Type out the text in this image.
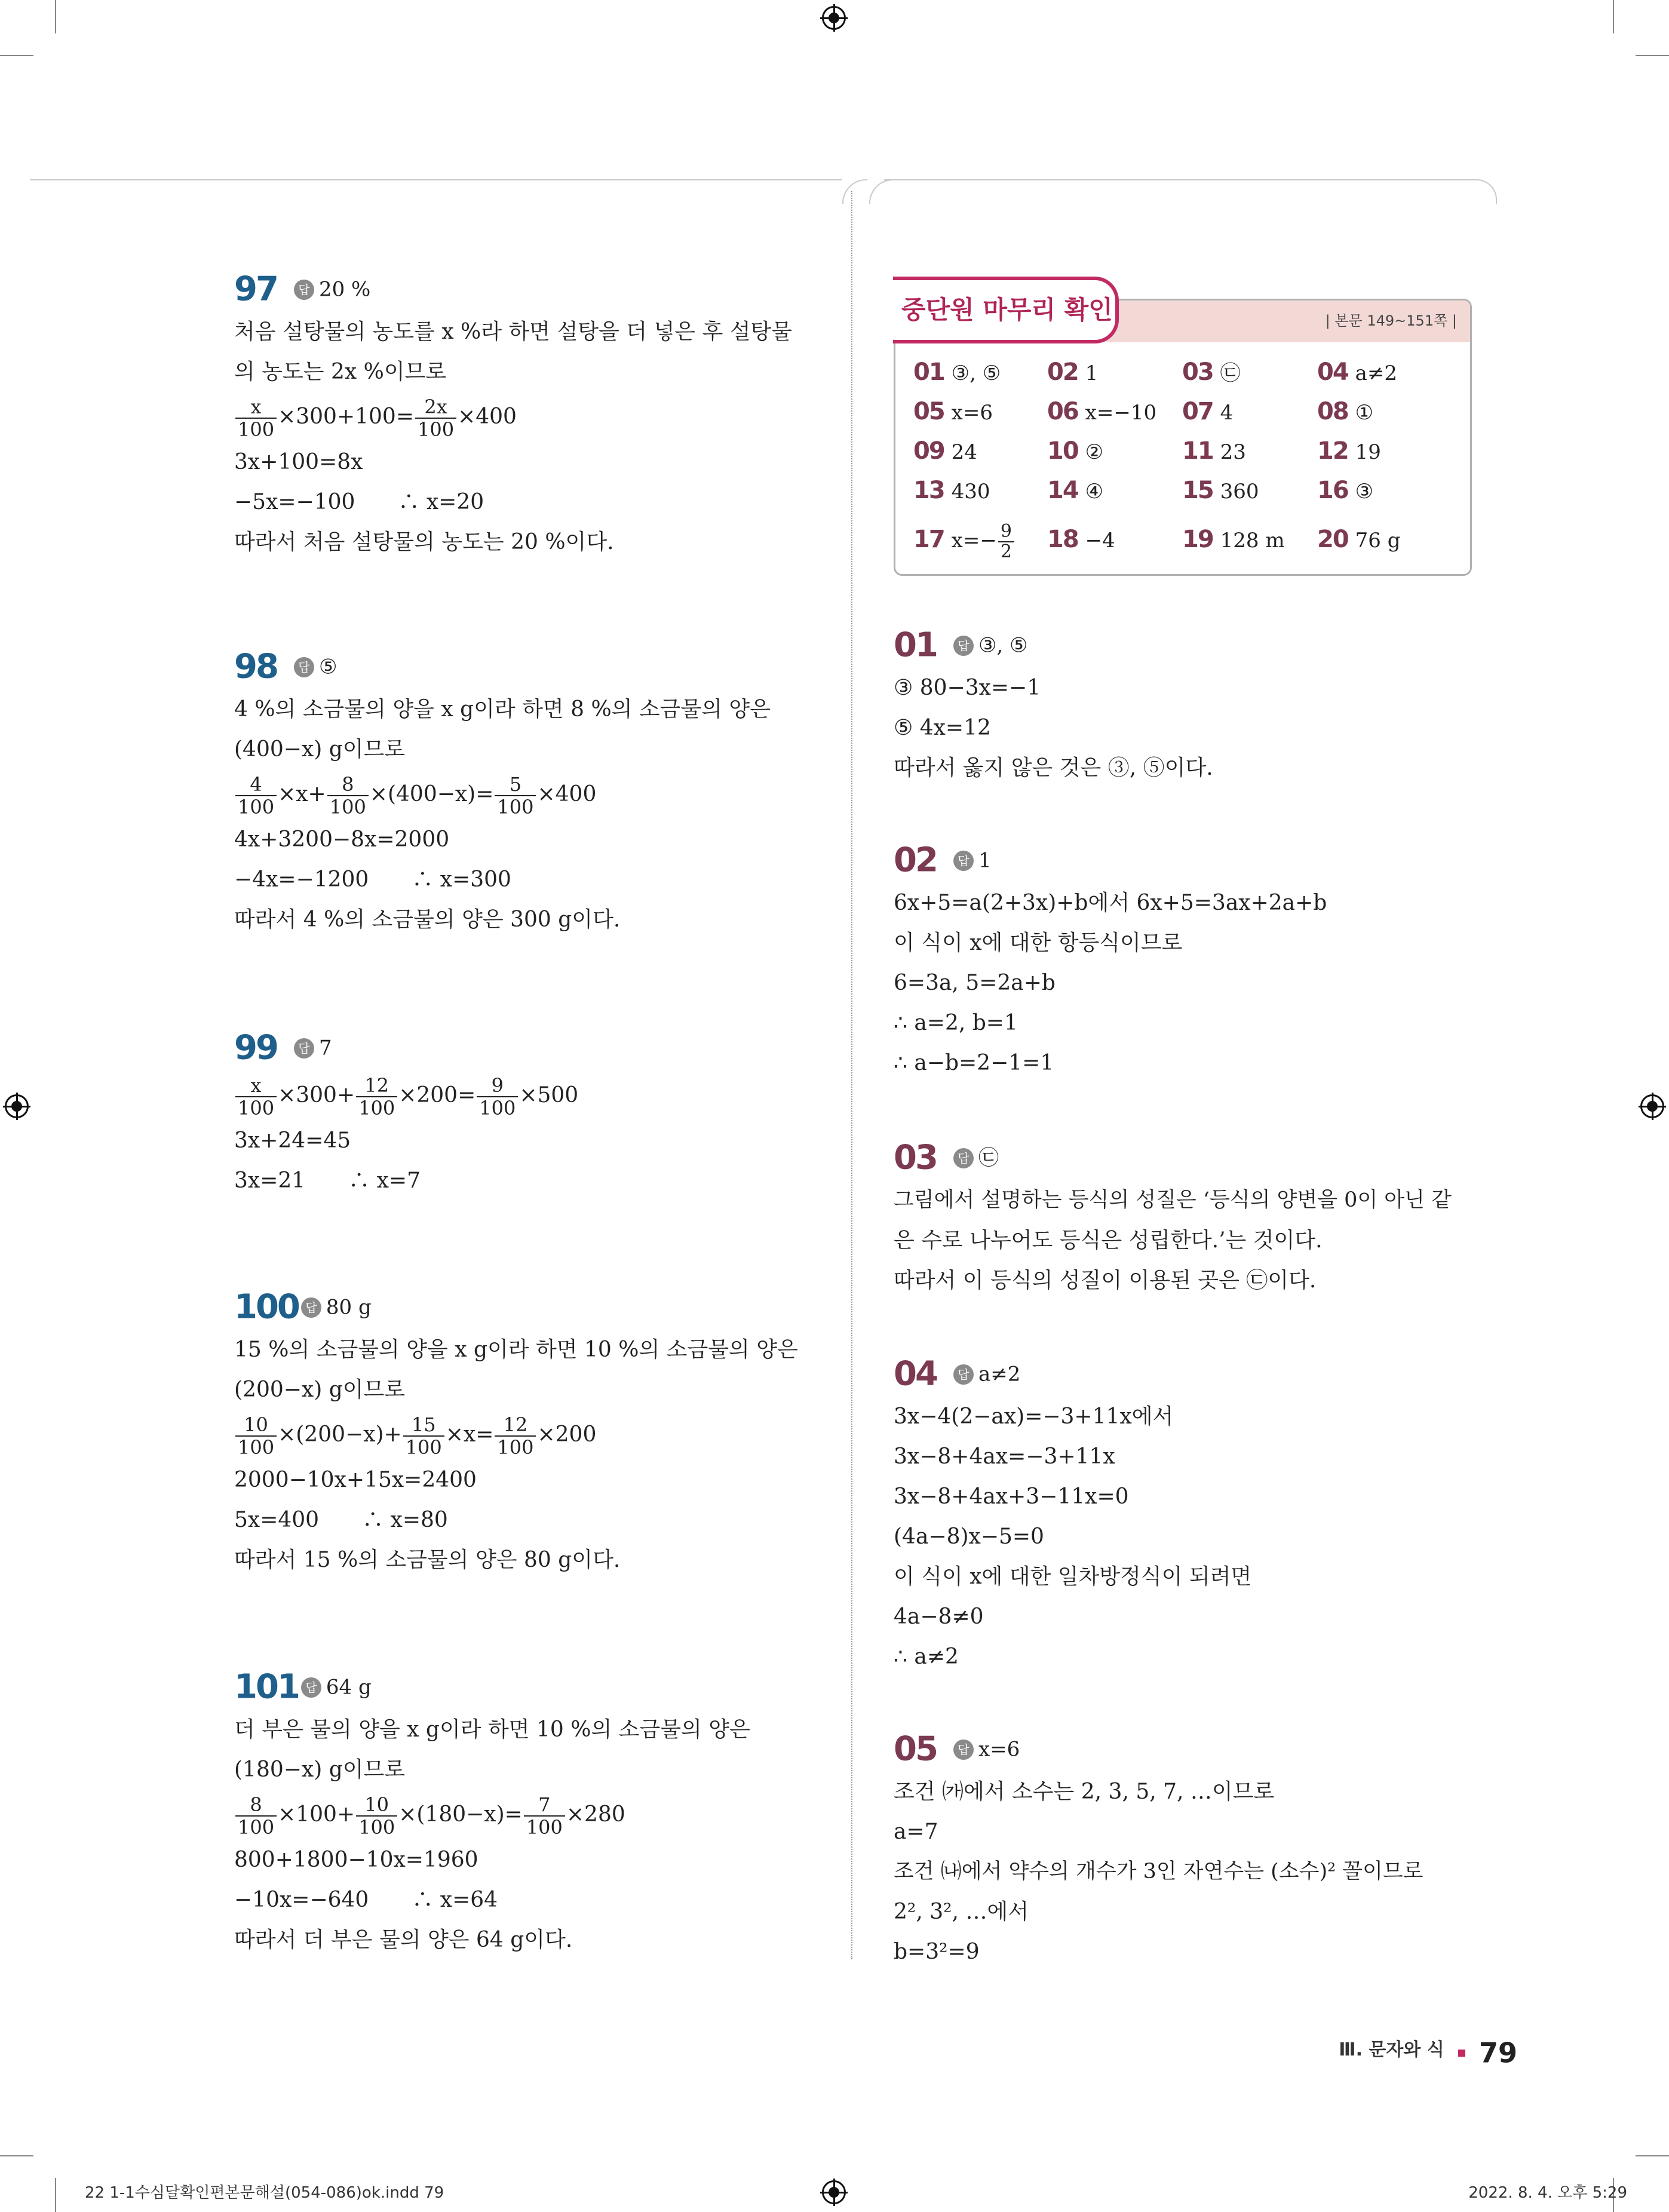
97 답 20 %
처음 설탕물의 농도를 x %라 하면 설탕을 더 넣은 후 설탕물
의 농도는 2x %이므로
$\frac{x}{100} \times 300+100= \frac{2x}{100} \times 400$
3x+100=8x
−5x=−100　　∴ x=20
따라서 처음 설탕물의 농도는 20 %이다.
98 답 ⑤
4 %의 소금물의 양을 x g이라 하면 8 %의 소금물의 양은
(400−x) g이므로
$\frac{4}{100} \times x+ \frac{8}{100} \times(400-x)= \frac{5}{100} \times 400$
4x+3200−8x=2000
−4x=−1200　　∴ x=300
따라서 4 %의 소금물의 양은 300 g이다.
99 답 7
$\frac{x}{100} \times 300+ \frac{12}{100} \times 200= \frac{9}{100} \times 500$
3x+24=45
3x=21　　∴ x=7
100 답 80 g
15 %의 소금물의 양을 x g이라 하면 10 %의 소금물의 양은
(200−x) g이므로
$\frac{10}{100} \times(200-x)+ \frac{15}{100} \times x= \frac{12}{100} \times 200$
2000−10x+15x=2400
5x=400　　∴ x=80
따라서 15 %의 소금물의 양은 80 g이다.
101 답 64 g
더 부은 물의 양을 x g이라 하면 10 %의 소금물의 양은
(180−x) g이므로
$\frac{8}{100} \times 100+ \frac{10}{100} \times(180-x)= \frac{7}{100} \times 280$
800+1800−10x=1960
−10x=−640　　∴ x=64
따라서 더 부은 물의 양은 64 g이다.
중단원 마무리 확인	| 본문 149~151쪽 |
01 ③, ⑤ 02 1	03 ㉢	04 a≠2
05 x=6 06 x=−10 07 4	08 ①
09 24	10 ②	11 23	12 19
13 430 14 ④	15 360 16 ③
17 $x=- \frac{9}{2} 18 -4$	19 128 m 20 76 g
01 답 ③, ⑤
③ 80−3x=−1
⑤ 4x=12
따라서 옳지 않은 것은 ③, ⑤이다.
02 답 1
6x+5=a(2+3x)+b에서 6x+5=3ax+2a+b
이 식이 x에 대한 항등식이므로
6=3a, 5=2a+b
∴ a=2, b=1
∴ a−b=2−1=1
03 답 ㉢
그림에서 설명하는 등식의 성질은 ‘등식의 양변을 0이 아닌 같
은 수로 나누어도 등식은 성립한다.’는 것이다.
따라서 이 등식의 성질이 이용된 곳은 ㉢이다.
04 답 a≠2
3x−4(2−ax)=−3+11x에서
3x−8+4ax=−3+11x
3x−8+4ax+3−11x=0
(4a−8)x−5=0
이 식이 x에 대한 일차방정식이 되려면
4a−8≠0
∴ a≠2
05 답 x=6
조건 ㈎에서 소수는 2, 3, 5, 7, …이므로
a=7
조건 ㈏에서 약수의 개수가 3인 자연수는 (소수)² 꼴이므로
2², 3², …에서
b=3²=9
Ⅲ. 문자와 식 79
22 1-1수심달확인편본문해설(054-086)ok.indd 79	2022. 8. 4. 오후 5:29
